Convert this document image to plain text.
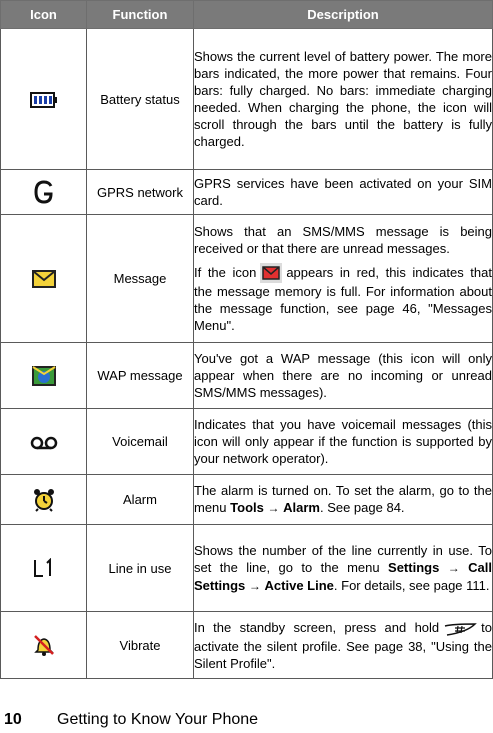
Icon	Function	Description
	Battery status	Shows the current level of battery power. The more bars indicated, the more power that remains. Four bars: fully charged. No bars: immediate charging needed. When charging the phone, the icon will scroll through the bars until the battery is fully charged.

	GPRS network	GPRS services have been activated on your SIM card.

	Message	Shows that an SMS/MMS message is being received or that there are unread messages.

If the icon appears in red, this indicates that the message memory is full. For information about the message function, see page 46, "Messages Menu".

	WAP message	You've got a WAP message (this icon will only appear when there are no incoming or unread SMS/MMS messages).

	Voicemail	Indicates that you have voicemail messages (this icon will only appear if the function is supported by your network operator).

	Alarm	The alarm is turned on. To set the alarm, go to the menu Tools → Alarm. See page 84.

	Line in use	Shows the number of the line currently in use. To set the line, go to the menu Settings → Call Settings → Active Line. For details, see page 111.

	Vibrate	In the standby screen, press and hold to activate the silent profile. See page 38, "Using the Silent Profile".

10 Getting to Know Your Phone
